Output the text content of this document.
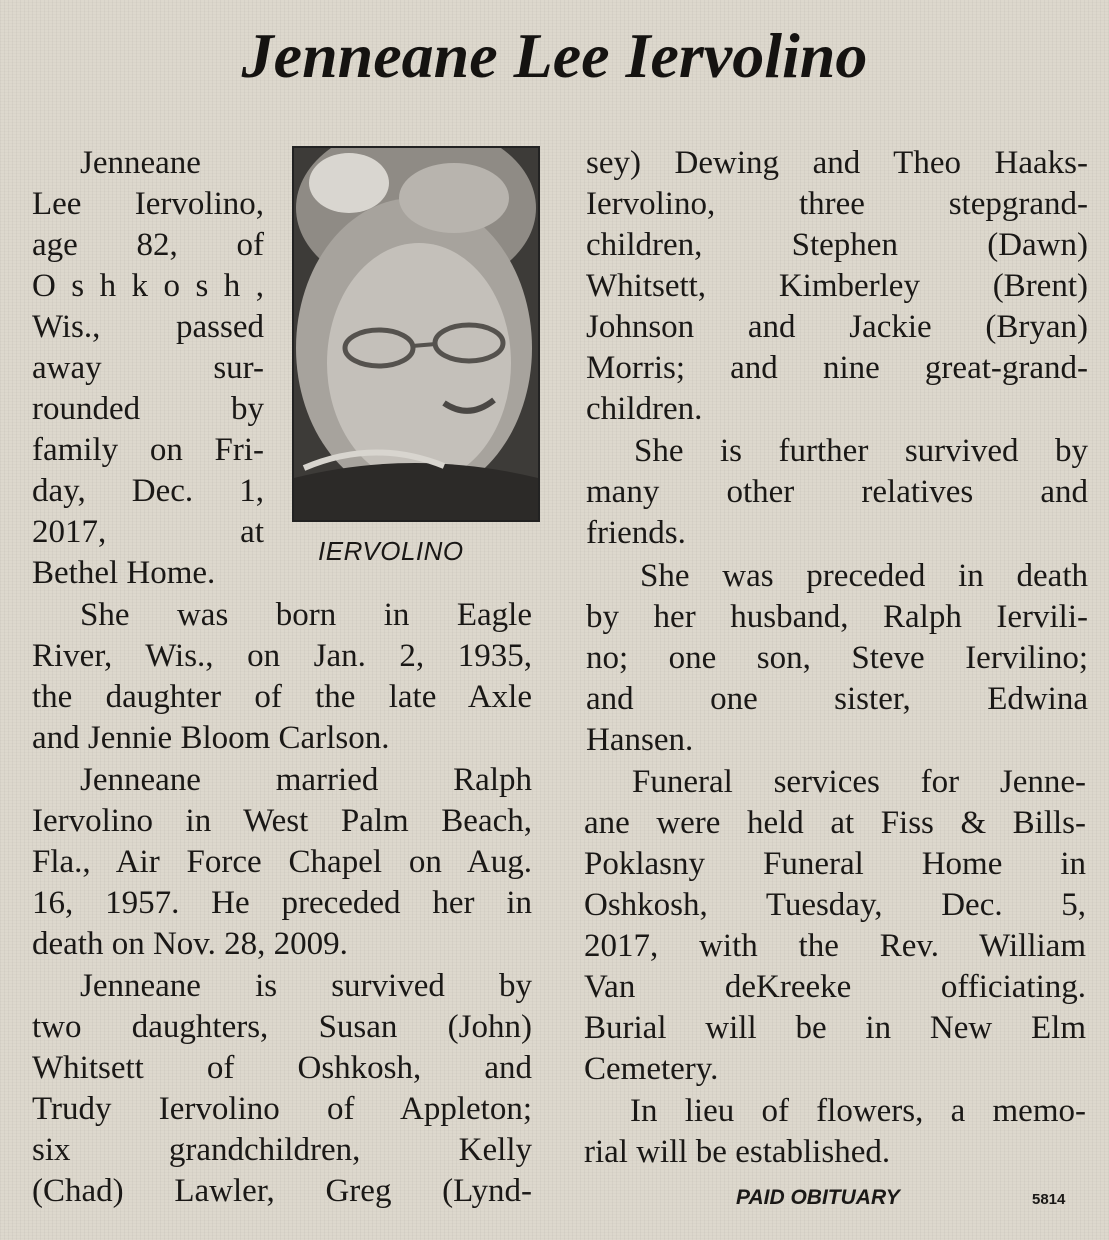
Jenneane Lee Iervolino
IERVOLINO
Jenneane
Lee Iervolino,
age 82, of
O s h k o s h ,
Wis., passed
away sur-
rounded by
family on Fri-
day, Dec. 1,
2017, at
Bethel Home.
She was born in Eagle
River, Wis., on Jan. 2, 1935,
the daughter of the late Axle
and Jennie Bloom Carlson.
Jenneane married Ralph
Iervolino in West Palm Beach,
Fla., Air Force Chapel on Aug.
16, 1957. He preceded her in
death on Nov. 28, 2009.
Jenneane is survived by
two daughters, Susan (John)
Whitsett of Oshkosh, and
Trudy Iervolino of Appleton;
six grandchildren, Kelly
(Chad) Lawler, Greg (Lynd-
sey) Dewing and Theo Haaks-
Iervolino, three stepgrand-
children, Stephen (Dawn)
Whitsett, Kimberley (Brent)
Johnson and Jackie (Bryan)
Morris; and nine great-grand-
children.
She is further survived by
many other relatives and
friends.
She was preceded in death
by her husband, Ralph Iervili-
no; one son, Steve Iervilino;
and one sister, Edwina
Hansen.
Funeral services for Jenne-
ane were held at Fiss & Bills-
Poklasny Funeral Home in
Oshkosh, Tuesday, Dec. 5,
2017, with the Rev. William
Van deKreeke officiating.
Burial will be in New Elm
Cemetery.
In lieu of flowers, a memo-
rial will be established.
PAID OBITUARY	5814
